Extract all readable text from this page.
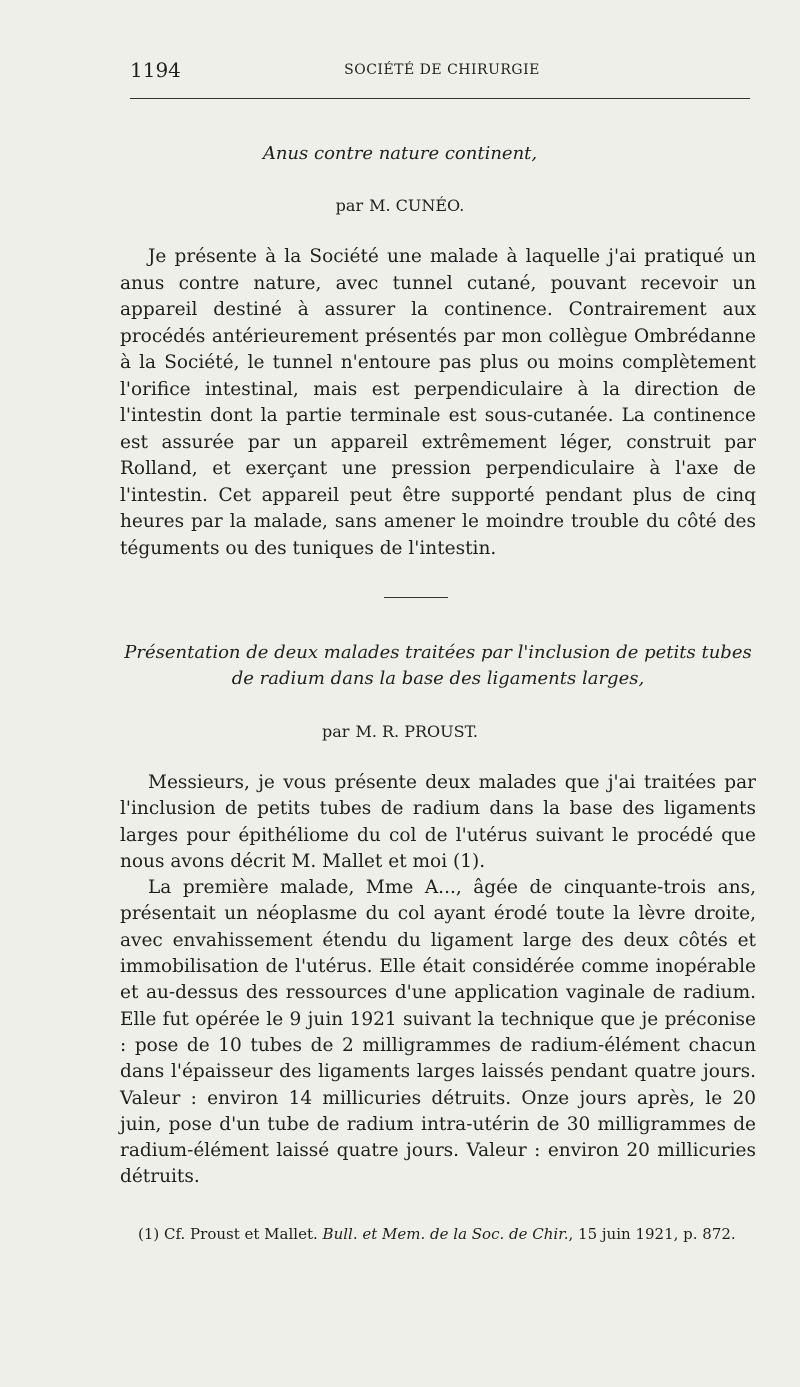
1194	SOCIÉTÉ DE CHIRURGIE
Anus contre nature continent,
par M. CUNÉO.

Je présente à la Société une malade à laquelle j'ai pratiqué un anus contre nature, avec tunnel cutané, pouvant recevoir un appareil destiné à assurer la continence. Contrairement aux procédés antérieurement présentés par mon collègue Ombrédanne à la Société, le tunnel n'entoure pas plus ou moins complètement l'orifice intestinal, mais est perpendiculaire à la direction de l'intestin dont la partie terminale est sous-cutanée. La continence est assurée par un appareil extrêmement léger, construit par Rolland, et exerçant une pression perpendiculaire à l'axe de l'intestin. Cet appareil peut être supporté pendant plus de cinq heures par la malade, sans amener le moindre trouble du côté des téguments ou des tuniques de l'intestin.

Présentation de deux malades traitées par l'inclusion de petits tubes de radium dans la base des ligaments larges,
par M. R. PROUST.

Messieurs, je vous présente deux malades que j'ai traitées par l'inclusion de petits tubes de radium dans la base des ligaments larges pour épithéliome du col de l'utérus suivant le procédé que nous avons décrit M. Mallet et moi (1).

La première malade, Mme A..., âgée de cinquante-trois ans, présentait un néoplasme du col ayant érodé toute la lèvre droite, avec envahissement étendu du ligament large des deux côtés et immobilisation de l'utérus. Elle était considérée comme inopérable et au-dessus des ressources d'une application vaginale de radium. Elle fut opérée le 9 juin 1921 suivant la technique que je préconise : pose de 10 tubes de 2 milligrammes de radium-élément chacun dans l'épaisseur des ligaments larges laissés pendant quatre jours. Valeur : environ 14 millicuries détruits. Onze jours après, le 20 juin, pose d'un tube de radium intra-utérin de 30 milligrammes de radium-élément laissé quatre jours. Valeur : environ 20 millicuries détruits.

(1) Cf. Proust et Mallet. Bull. et Mem. de la Soc. de Chir., 15 juin 1921, p. 872.
